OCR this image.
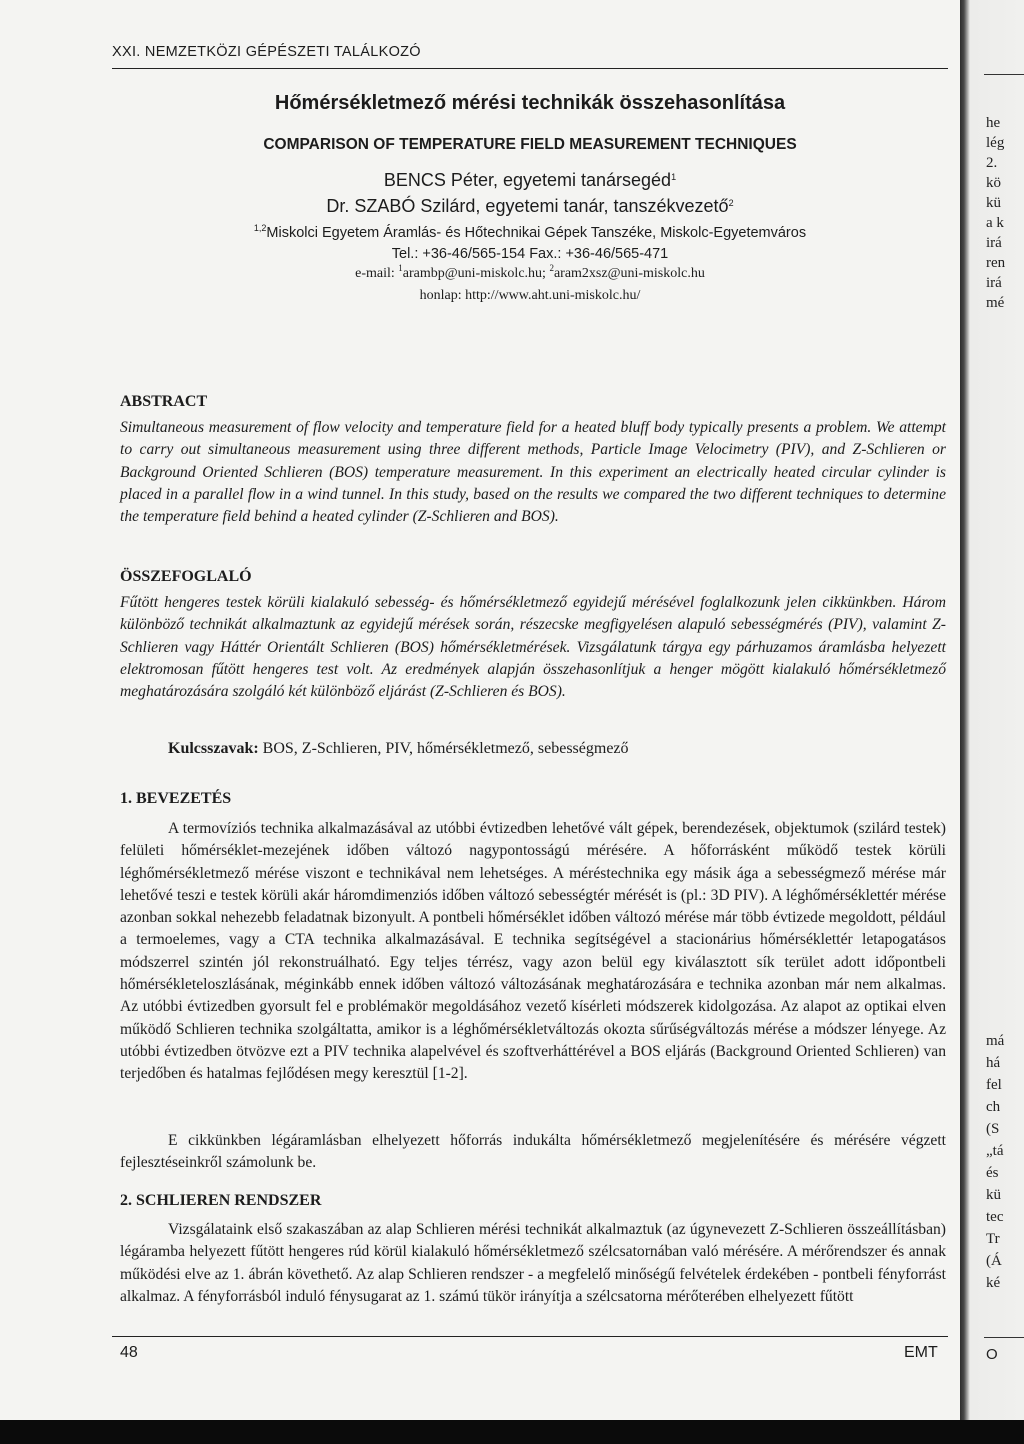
XXI. NEMZETKÖZI GÉPÉSZETI TALÁLKOZÓ
Hőmérsékletmező mérési technikák összehasonlítása
COMPARISON OF TEMPERATURE FIELD MEASUREMENT TECHNIQUES
BENCS Péter, egyetemi tanársegéd$^1$
Dr. SZABÓ Szilárd, egyetemi tanár, tanszékvezető$^2$
$^{1,2}$Miskolci Egyetem Áramlás- és Hőtechnikai Gépek Tanszéke, Miskolc-Egyetemváros
Tel.: +36-46/565-154 Fax.: +36-46/565-471
e-mail: $^1$arambp@uni-miskolc.hu; $^2$aram2xsz@uni-miskolc.hu
honlap: http://www.aht.uni-miskolc.hu/
ABSTRACT
Simultaneous measurement of flow velocity and temperature field for a heated bluff body typically presents a problem. We attempt to carry out simultaneous measurement using three different methods, Particle Image Velocimetry (PIV), and Z-Schlieren or Background Oriented Schlieren (BOS) temperature measurement. In this experiment an electrically heated circular cylinder is placed in a parallel flow in a wind tunnel. In this study, based on the results we compared the two different techniques to determine the temperature field behind a heated cylinder (Z-Schlieren and BOS).
ÖSSZEFOGLALÓ
Fűtött hengeres testek körüli kialakuló sebesség- és hőmérsékletmező egyidejű mérésével foglalkozunk jelen cikkünkben. Három különböző technikát alkalmaztunk az egyidejű mérések során, részecske megfigyelésen alapuló sebességmérés (PIV), valamint Z-Schlieren vagy Háttér Orientált Schlieren (BOS) hőmérsékletmérések. Vizsgálatunk tárgya egy párhuzamos áramlásba helyezett elektromosan fűtött hengeres test volt. Az eredmények alapján összehasonlítjuk a henger mögött kialakuló hőmérsékletmező meghatározására szolgáló két különböző eljárást (Z-Schlieren és BOS).
Kulcsszavak: BOS, Z-Schlieren, PIV, hőmérsékletmező, sebességmező
1. BEVEZETÉS
A termovíziós technika alkalmazásával az utóbbi évtizedben lehetővé vált gépek, berendezések, objektumok (szilárd testek) felületi hőmérséklet-mezejének időben változó nagypontosságú mérésére. A hőforrásként működő testek körüli léghőmérsékletmező mérése viszont e technikával nem lehetséges. A méréstechnika egy másik ága a sebességmező mérése már lehetővé teszi e testek körüli akár háromdimenziós időben változó sebességtér mérését is (pl.: 3D PIV). A léghőmérséklettér mérése azonban sokkal nehezebb feladatnak bizonyult. A pontbeli hőmérséklet időben változó mérése már több évtizede megoldott, például a termoelemes, vagy a CTA technika alkalmazásával. E technika segítségével a stacionárius hőmérséklettér letapogatásos módszerrel szintén jól rekonstruálható. Egy teljes térrész, vagy azon belül egy kiválasztott sík terület adott időpontbeli hőmérsékleteloszlásának, méginkább ennek időben változó változásának meghatározására e technika azonban már nem alkalmas. Az utóbbi évtizedben gyorsult fel e problémakör megoldásához vezető kísérleti módszerek kidolgozása. Az alapot az optikai elven működő Schlieren technika szolgáltatta, amikor is a léghőmérsékletváltozás okozta sűrűségváltozás mérése a módszer lényege. Az utóbbi évtizedben ötvözve ezt a PIV technika alapelvével és szoftverháttérével a BOS eljárás (Background Oriented Schlieren) van terjedőben és hatalmas fejlődésen megy keresztül [1-2].
E cikkünkben légáramlásban elhelyezett hőforrás indukálta hőmérsékletmező megjelenítésére és mérésére végzett fejlesztéseinkről számolunk be.
2. SCHLIEREN RENDSZER
Vizsgálataink első szakaszában az alap Schlieren mérési technikát alkalmaztuk (az úgynevezett Z-Schlieren összeállításban) légáramba helyezett fűtött hengeres rúd körül kialakuló hőmérsékletmező szélcsatornában való mérésére. A mérőrendszer és annak működési elve az 1. ábrán követhető. Az alap Schlieren rendszer - a megfelelő minőségű felvételek érdekében - pontbeli fényforrást alkalmaz. A fényforrásból induló fénysugarat az 1. számú tükör irányítja a szélcsatorna mérőterében elhelyezett fűtött
48	EMT
he
lég
2.
kö
kü
a k
irá
ren
irá
mé
má
há
fel
ch
(S
„tá
és
kü
tec
Tr
(Á
ké
O
